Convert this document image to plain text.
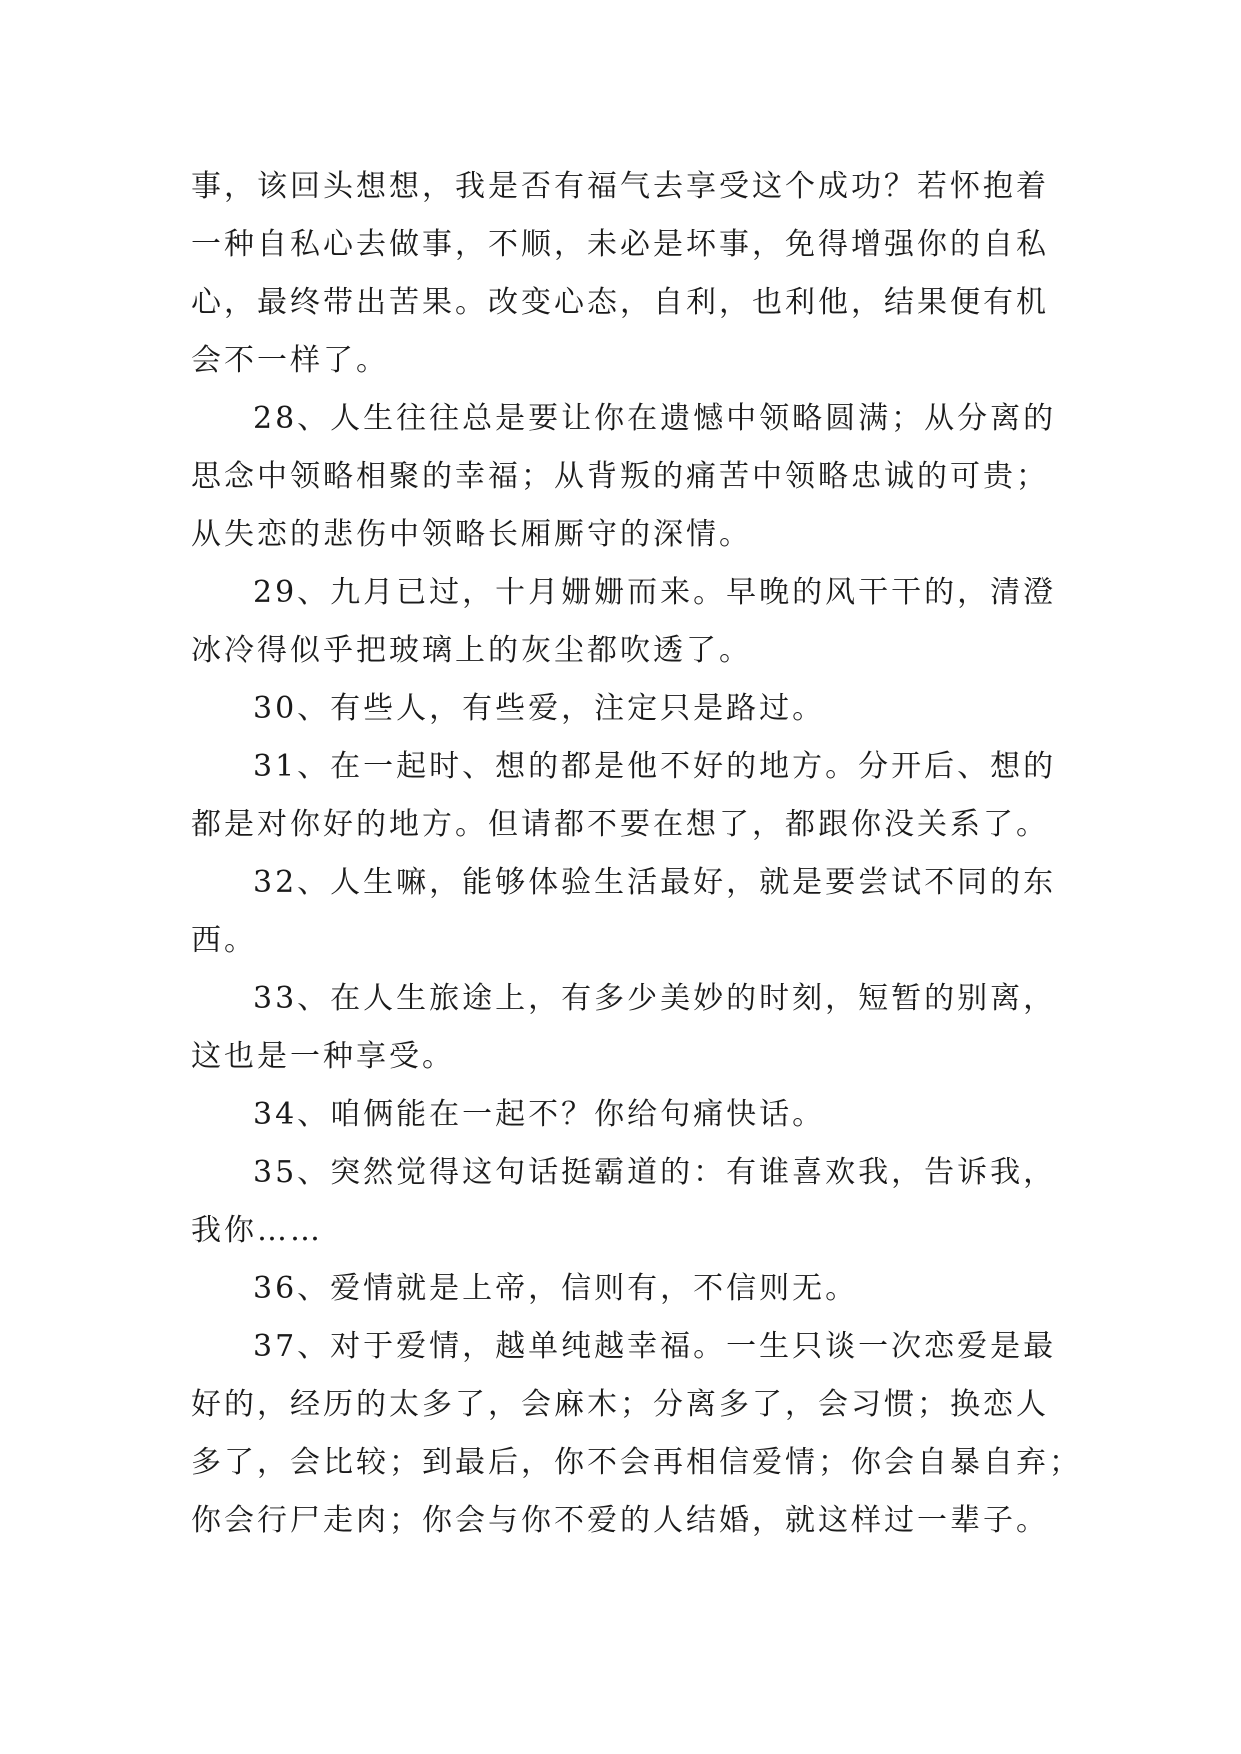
事，该回头想想，我是否有福气去享受这个成功？若怀抱着
一种自私心去做事，不顺，未必是坏事，免得增强你的自私
心，最终带出苦果。改变心态，自利，也利他，结果便有机
会不一样了。
28、人生往往总是要让你在遗憾中领略圆满；从分离的
思念中领略相聚的幸福；从背叛的痛苦中领略忠诚的可贵；
从失恋的悲伤中领略长厢厮守的深情。
29、九月已过，十月姗姗而来。早晚的风干干的，清澄
冰冷得似乎把玻璃上的灰尘都吹透了。
30、有些人，有些爱，注定只是路过。
31、在一起时、想的都是他不好的地方。分开后、想的
都是对你好的地方。但请都不要在想了，都跟你没关系了。
32、人生嘛，能够体验生活最好，就是要尝试不同的东
西。
33、在人生旅途上，有多少美妙的时刻，短暂的别离，
这也是一种享受。
34、咱俩能在一起不？你给句痛快话。
35、突然觉得这句话挺霸道的：有谁喜欢我，告诉我，
我你……
36、爱情就是上帝，信则有，不信则无。
37、对于爱情，越单纯越幸福。一生只谈一次恋爱是最
好的，经历的太多了，会麻木；分离多了，会习惯；换恋人
多了，会比较；到最后，你不会再相信爱情；你会自暴自弃；
你会行尸走肉；你会与你不爱的人结婚，就这样过一辈子。
